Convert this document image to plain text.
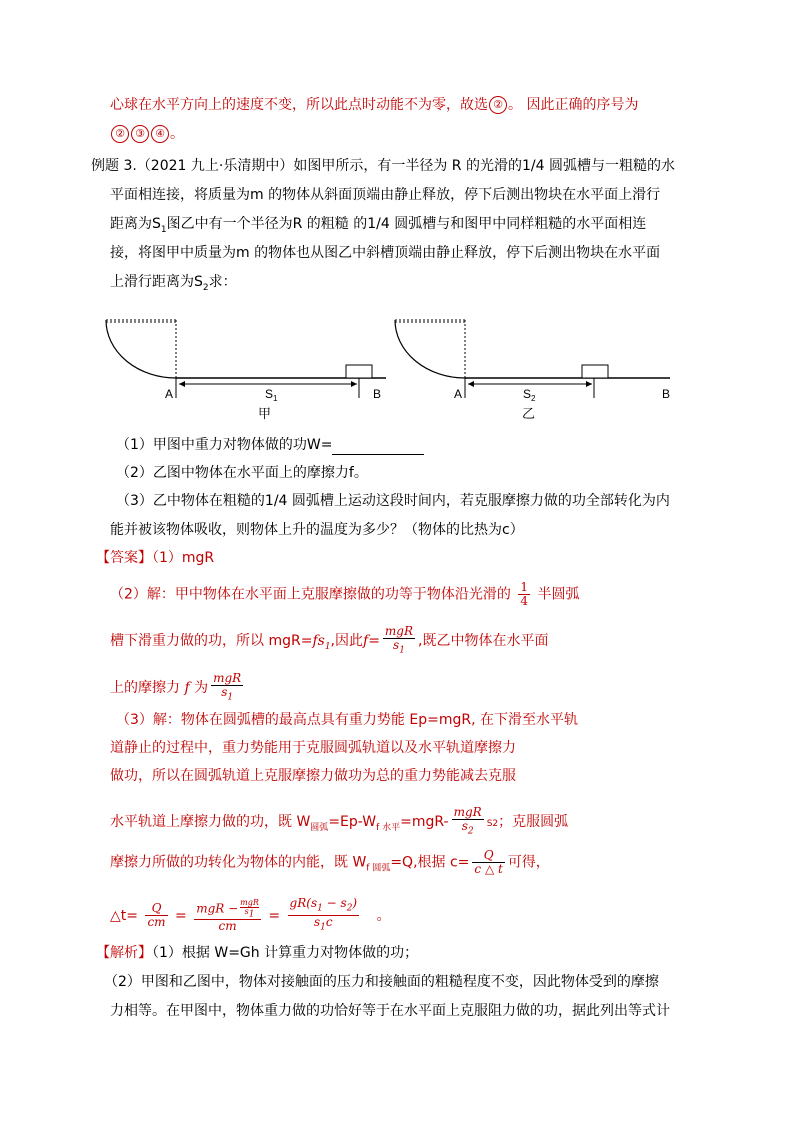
心球在水平方向上的速度不变，所以此点时动能不为零，故选 ② 。 因此正确的序号为
② ③ ④ 。
例题 3.（2021 九上·乐清期中）如图甲所示，有一半径为 R 的光滑的1/4 圆弧槽与一粗糙的水
平面相连接，将质量为m 的物体从斜面顶端由静止释放，停下后测出物块在水平面上滑行
距离为$S_1$图乙中有一个半径为R 的粗糙 的1/4 圆弧槽与和图甲中同样粗糙的水平面相连
接，将图甲中质量为m 的物体也从图乙中斜槽顶端由静止释放，停下后测出物块在水平面
上滑行距离为$S_2$求：
A	B
$S_1$
甲
A	B
$S_2$
乙
（1）甲图中重力对物体做的功W=
（2）乙图中物体在水平面上的摩擦力f。
（3）乙中物体在粗糙的1/4 圆弧槽上运动这段时间内，若克服摩擦力做的功全部转化为内
能并被该物体吸收，则物体上升的温度为多少？（物体的比热为c）
【答案】（1）mgR
（2）解：甲中物体在水平面上克服摩擦做的功等于物体沿光滑的 $\frac{1}{4}$ 半圆弧
槽下滑重力做的功，所以 $mgR=fs_1$,因此$f= \frac{\text{mgR}}{s_1}$ ,既乙中物体在水平面
上的摩擦力 f 为 $\frac{\text{mgR}}{s_1}$
（3）解：物体在圆弧槽的最高点具有重力势能 Ep=mgR, 在下滑至水平轨
道静止的过程中，重力势能用于克服圆弧轨道以及水平轨道摩擦力
做功，所以在圆弧轨道上克服摩擦力做功为总的重力势能减去克服
水平轨道上摩擦力做的功，既 $W_{圆弧}=Ep-W_{f 水平}=mgR- \frac{\text{mgR}}{s_2} S2$；克服圆弧
摩擦力所做的功转化为物体的内能，既 $W_{f 圆弧}=Q$,根据 $c= \frac{Q}{c \triangle t}$ 可得，
△t= $\frac{Q}{cm}$ = mgR − mgR
$s_1$
cm = $\frac{gR(s_1 - s_2)}{s_1c}$ 。
【解析】（1）根据 W=Gh 计算重力对物体做的功；
（2）甲图和乙图中，物体对接触面的压力和接触面的粗糙程度不变，因此物体受到的摩擦
力相等。在甲图中，物体重力做的功恰好等于在水平面上克服阻力做的功，据此列出等式计
